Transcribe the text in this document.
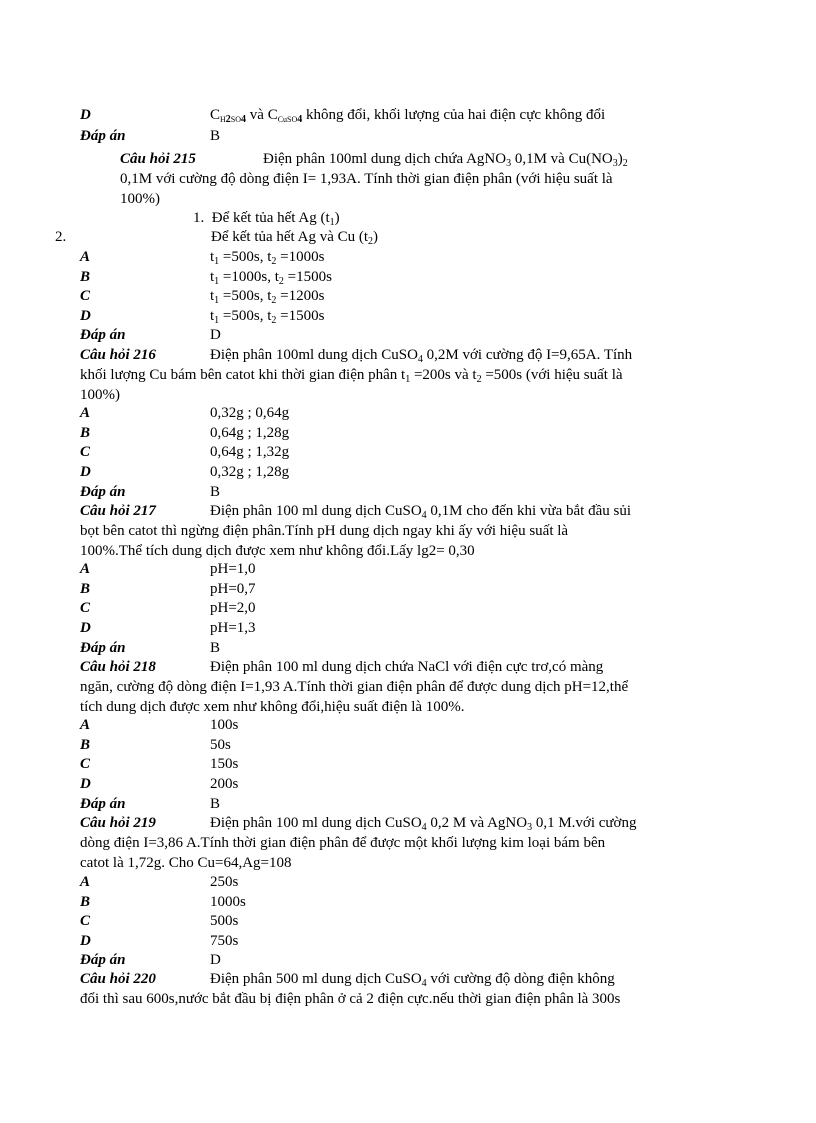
D	$C_{H2SO4}$ và $C_{CuSO4}$ không đổi, khối lượng của hai điện cực không đổi
Đáp án	B
Câu hỏi 215	Điện phân 100ml dung dịch chứa AgNO$_3$ 0,1M và $Cu(NO_3)_2$
0,1M với cường độ dòng điện I= 1,93A. Tính thời gian điện phân (với hiệu suất là
100%)
1. Để kết tủa hết Ag $(t_1)$
2.	Để kết tủa hết Ag và Cu $(t_2)$
A	$t_1 =500s$, $t_2 =1000s$
B	$t_1 =1000s$, $t_2 =1500s$
C	$t_1 =500s$, $t_2 =1200s$
D	$t_1 =500s$, $t_2 =1500s$
Đáp án	D
Câu hỏi 216	Điện phân 100ml dung dịch CuSO$_4$ 0,2M với cường độ I=9,65A. Tính
khối lượng Cu bám bên catot khi thời gian điện phân $t_1 =200s$ và $t_2 =500s$ (với hiệu suất là
100%)
A	0,32g ; 0,64g
B	0,64g ; 1,28g
C	0,64g ; 1,32g
D	0,32g ; 1,28g
Đáp án	B
Câu hỏi 217	Điện phân 100 ml dung dịch CuSO$_4$ 0,1M cho đến khi vừa bắt đầu sủi
bọt bên catot thì ngừng điện phân.Tính pH dung dịch ngay khi ấy với hiệu suất là
100%.Thể tích dung dịch được xem như không đổi.Lấy lg2= 0,30
A	pH=1,0
B	pH=0,7
C	pH=2,0
D	pH=1,3
Đáp án	B
Câu hỏi 218	Điện phân 100 ml dung dịch chứa NaCl với điện cực trơ,có màng
ngăn, cường độ dòng điện I=1,93 A.Tính thời gian điện phân để được dung dịch pH=12,thể
tích dung dịch được xem như không đổi,hiệu suất điện là 100%.
A	100s
B	50s
C	150s
D	200s
Đáp án	B
Câu hỏi 219	Điện phân 100 ml dung dịch CuSO$_4$ 0,2 M và AgNO$_3$ 0,1 M.với cường
dòng điện I=3,86 A.Tính thời gian điện phân để được một khối lượng kim loại bám bên
catot là 1,72g. Cho Cu=64,Ag=108
A	250s
B	1000s
C	500s
D	750s
Đáp án	D
Câu hỏi 220	Điện phân 500 ml dung dịch CuSO$_4$ với cường độ dòng điện không
đổi thì sau 600s,nước bắt đầu bị điện phân ở cả 2 điện cực.nếu thời gian điện phân là 300s
